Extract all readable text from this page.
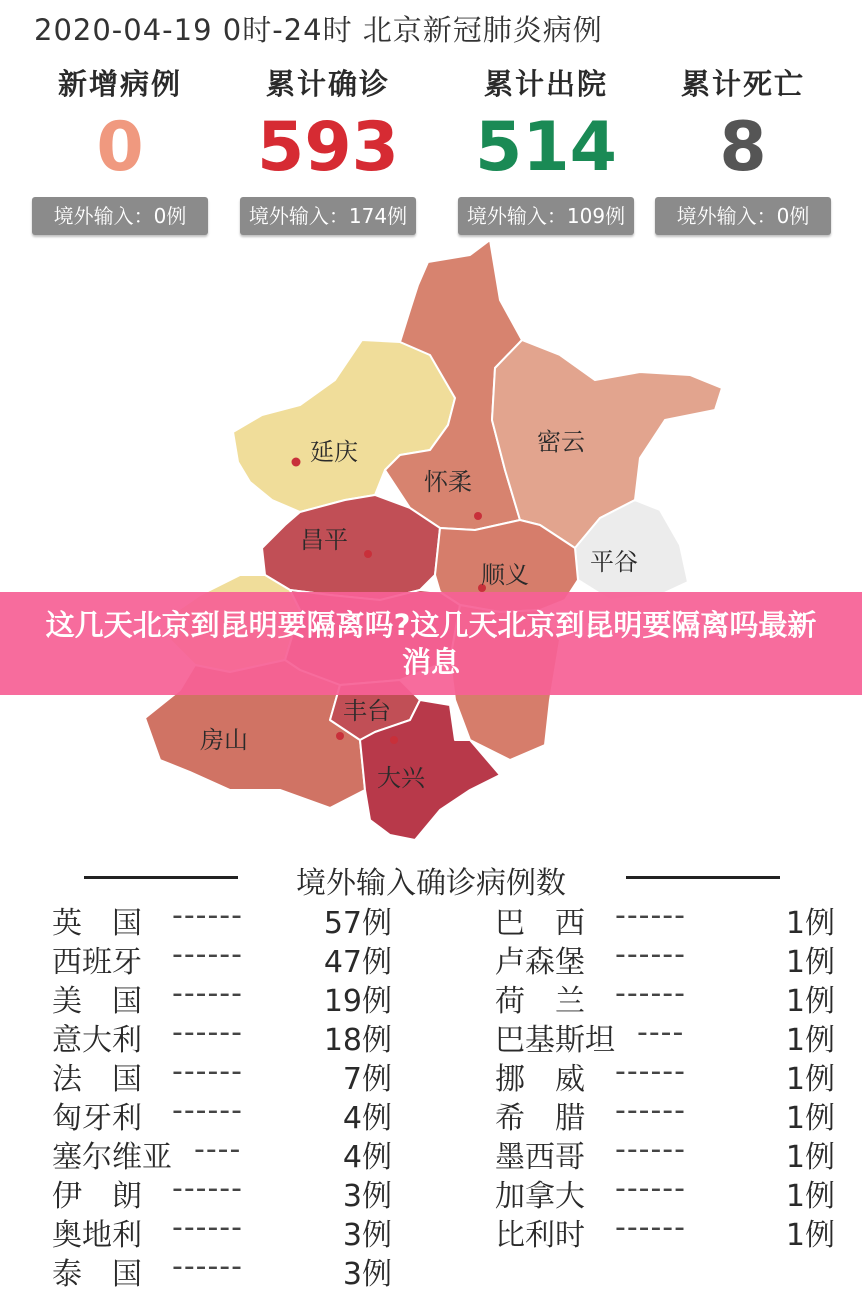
2020-04-19 0时-24时 北京新冠肺炎病例
新增病例
0
境外输入：0例
累计确诊
593
境外输入：174例
累计出院
514
境外输入：109例
累计死亡
8
境外输入：0例
延庆
怀柔
密云
平谷
昌平
顺义
丰台
房山
大兴
这几天北京到昆明要隔离吗?这几天北京到昆明要隔离吗最新消息
境外输入确诊病例数
英　国 ------	57例
西班牙 ------	47例
美　国 ------	19例
意大利 ------	18例
法　国 ------	7例
匈牙利 ------	4例
塞尔维亚 ----	4例
伊　朗 ------	3例
奥地利 ------	3例
泰　国 ------	3例
巴　西 ------	1例
卢森堡 ------	1例
荷　兰 ------	1例
巴基斯坦 ----	1例
挪　威 ------	1例
希　腊 ------	1例
墨西哥 ------	1例
加拿大 ------	1例
比利时 ------	1例
